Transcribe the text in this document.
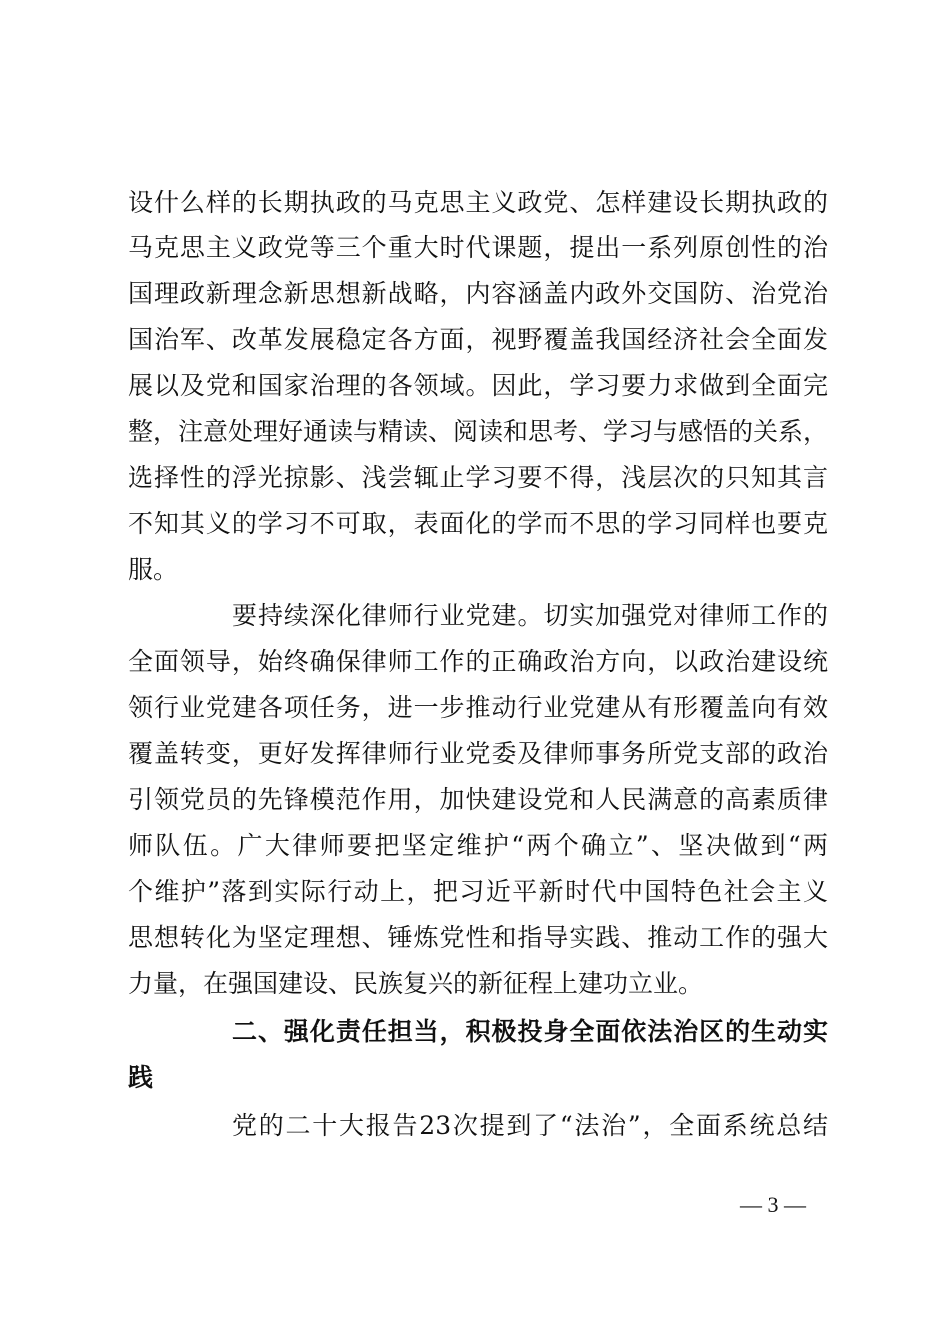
设什么样的长期执政的马克思主义政党、怎样建设长期执政的
马克思主义政党等三个重大时代课题，提出一系列原创性的治
国理政新理念新思想新战略，内容涵盖内政外交国防、治党治
国治军、改革发展稳定各方面，视野覆盖我国经济社会全面发
展以及党和国家治理的各领域。因此，学习要力求做到全面完
整，注意处理好通读与精读、阅读和思考、学习与感悟的关系，
选择性的浮光掠影、浅尝辄止学习要不得，浅层次的只知其言
不知其义的学习不可取，表面化的学而不思的学习同样也要克
服。
要持续深化律师行业党建。切实加强党对律师工作的
全面领导，始终确保律师工作的正确政治方向，以政治建设统
领行业党建各项任务，进一步推动行业党建从有形覆盖向有效
覆盖转变，更好发挥律师行业党委及律师事务所党支部的政治
引领党员的先锋模范作用，加快建设党和人民满意的高素质律
师队伍。广大律师要把坚定维护“两个确立”、坚决做到“两
个维护”落到实际行动上，把习近平新时代中国特色社会主义
思想转化为坚定理想、锤炼党性和指导实践、推动工作的强大
力量，在强国建设、民族复兴的新征程上建功立业。
二、强化责任担当，积极投身全面依法治区的生动实
践
党的二十大报告23次提到了“法治”，全面系统总结
— 3 —
